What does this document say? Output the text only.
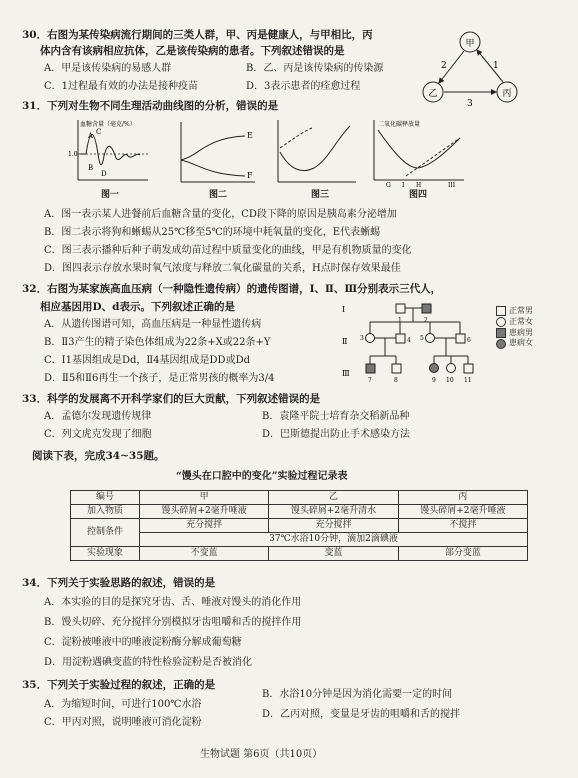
30．右图为某传染病流行期间的三类人群，甲、丙是健康人，与甲相比，丙
体内含有该病相应抗体，乙是该传染病的患者。下列叙述错误的是
A．甲是该传染病的易感人群	B．乙、丙是该传染病的传染源
C．1过程最有效的办法是接种疫苗	D．3表示患者的痊愈过程
甲
乙	丙
1
2
3
31．下列对生物不同生理活动曲线图的分析，错误的是
血糖含量（毫克/%）
1.0
A
B
C
D
图一
E
F
图二	图三
二氧化碳释放量
G I H	III
图四
A．图一表示某人进餐前后血糖含量的变化，CD段下降的原因是胰岛素分泌增加
B．图二表示将狗和蜥蜴从25℃移至5℃的环境中耗氧量的变化，E代表蜥蜴
C．图三表示播种后种子萌发成幼苗过程中质量变化的曲线，甲是有机物质量的变化
D．图四表示存放水果时氧气浓度与释放二氧化碳量的关系，H点时保存效果最佳
32．右图为某家族高血压病（一种隐性遗传病）的遗传图谱，Ⅰ、Ⅱ、Ⅲ分别表示三代人，
相应基因用D、d表示。下列叙述正确的是
A．从遗传图谱可知，高血压病是一种显性遗传病
B．Ⅱ3产生的精子染色体组成为22条+X或22条+Y
C．Ⅰ1基因组成是Dd，Ⅱ4基因组成是DD或Dd
D．Ⅱ5和Ⅱ6再生一个孩子，是正常男孩的概率为3/4
Ⅰ
Ⅱ
Ⅲ
1	2
3	4 5	6
7	8	9 10 11
正常男
正常女
患病男
患病女
33．科学的发展离不开科学家们的巨大贡献，下列叙述错误的是
A．孟德尔发现遗传规律	B．袁隆平院士培育杂交稻新品种
C．列文虎克发现了细胞	D．巴斯德提出防止手术感染方法
阅读下表，完成34~35题。
“馒头在口腔中的变化”实验过程记录表
编号	甲	乙	丙
加入物质	馒头碎屑+2毫升唾液	馒头碎屑+2毫升清水	馒头碎屑+2毫升唾液
控制条件	充分搅拌	充分搅拌	不搅拌
	37℃水浴10分钟，滴加2滴碘液		
实验现象	不变蓝	变蓝	部分变蓝
34．下列关于实验思路的叙述，错误的是
A．本实验的目的是探究牙齿、舌、唾液对馒头的消化作用
B．馒头切碎、充分搅拌分别模拟牙齿咀嚼和舌的搅拌作用
C．淀粉被唾液中的唾液淀粉酶分解成葡萄糖
D．用淀粉遇碘变蓝的特性检验淀粉是否被消化
35．下列关于实验过程的叙述，正确的是
A．为缩短时间，可进行100℃水浴
B．水浴10分钟是因为消化需要一定的时间
C．甲丙对照，说明唾液可消化淀粉
D．乙丙对照，变量是牙齿的咀嚼和舌的搅拌
生物试题 第6页（共10页）
